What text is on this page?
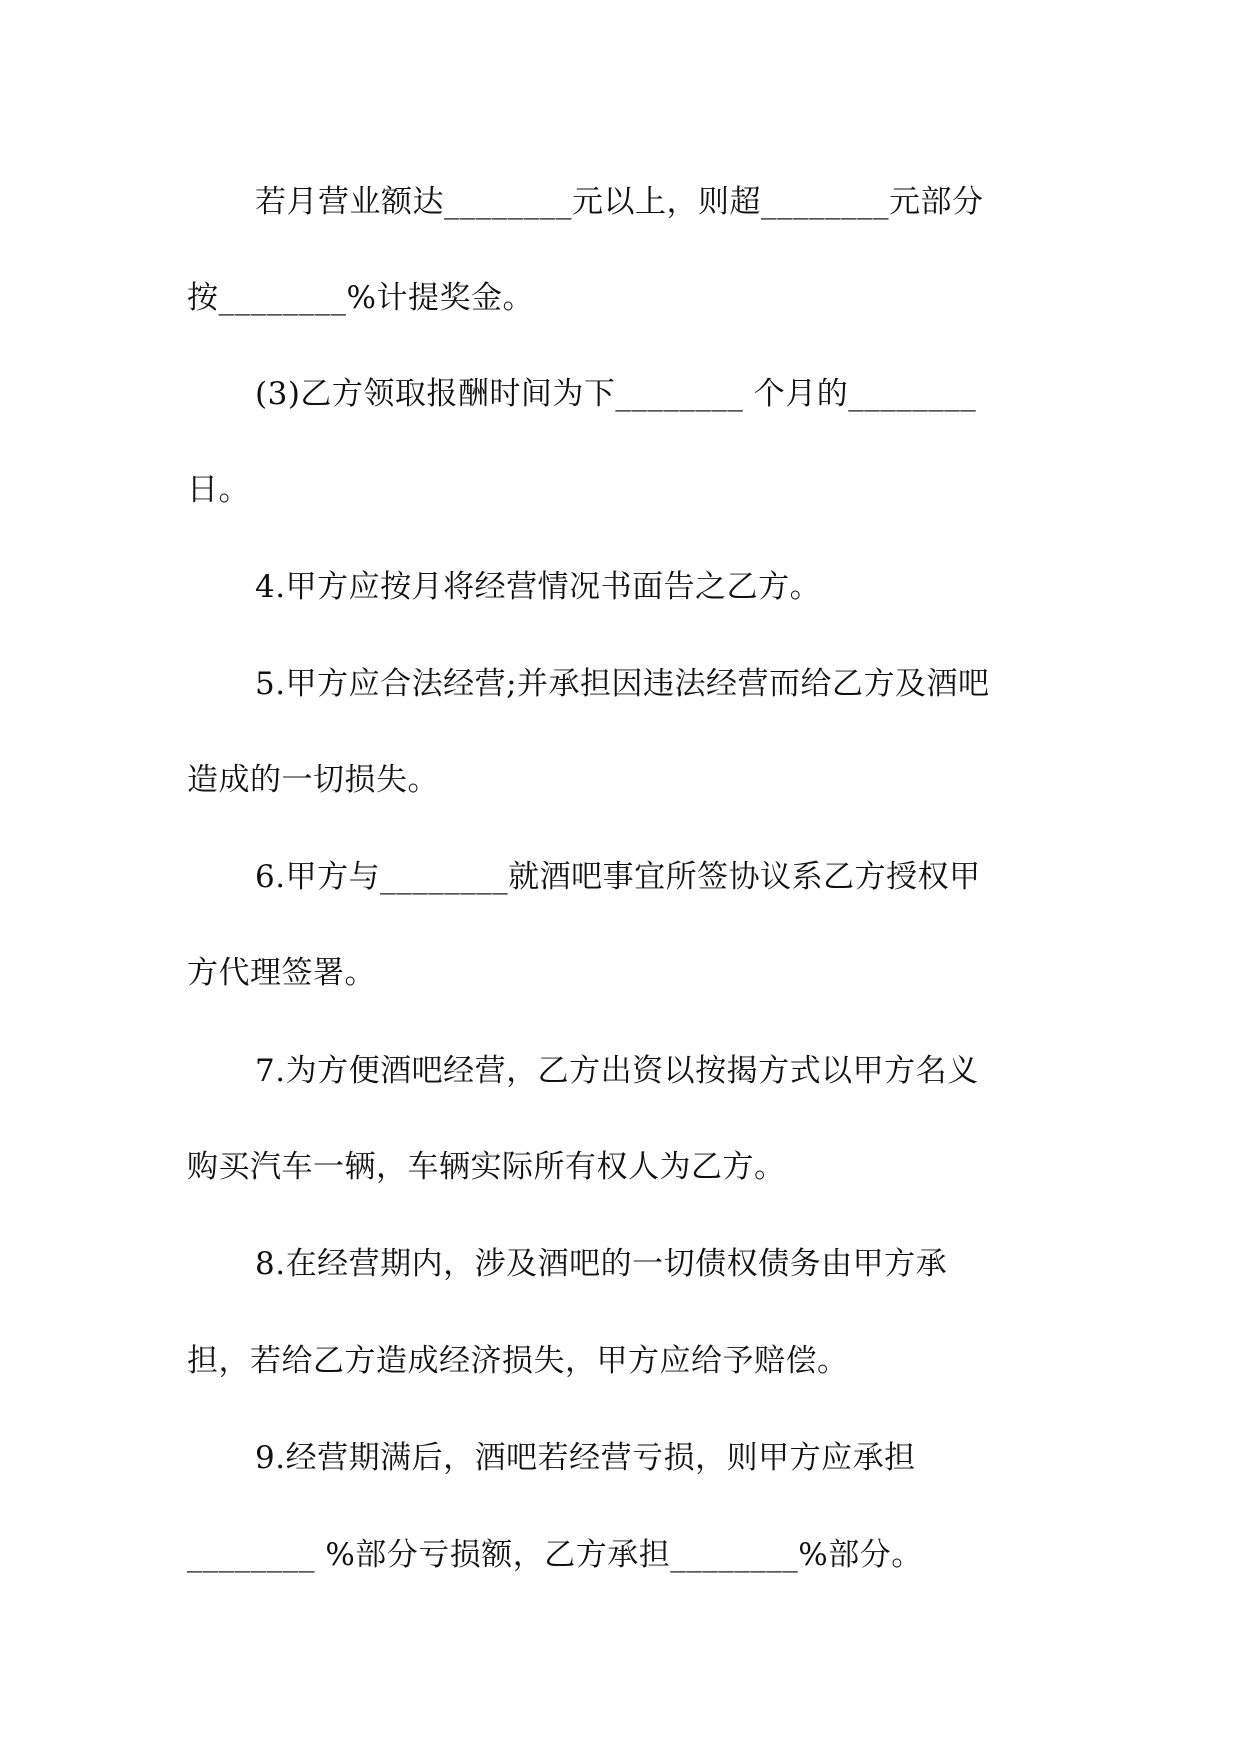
若月营业额达________元以上，则超________元部分
按________%计提奖金。
(3)乙方领取报酬时间为下________ 个月的________
日。
4.甲方应按月将经营情况书面告之乙方。
5.甲方应合法经营;并承担因违法经营而给乙方及酒吧
造成的一切损失。
6.甲方与________就酒吧事宜所签协议系乙方授权甲
方代理签署。
7.为方便酒吧经营，乙方出资以按揭方式以甲方名义
购买汽车一辆，车辆实际所有权人为乙方。
8.在经营期内，涉及酒吧的一切债权债务由甲方承
担，若给乙方造成经济损失，甲方应给予赔偿。
9.经营期满后，酒吧若经营亏损，则甲方应承担
________ %部分亏损额，乙方承担________%部分。
